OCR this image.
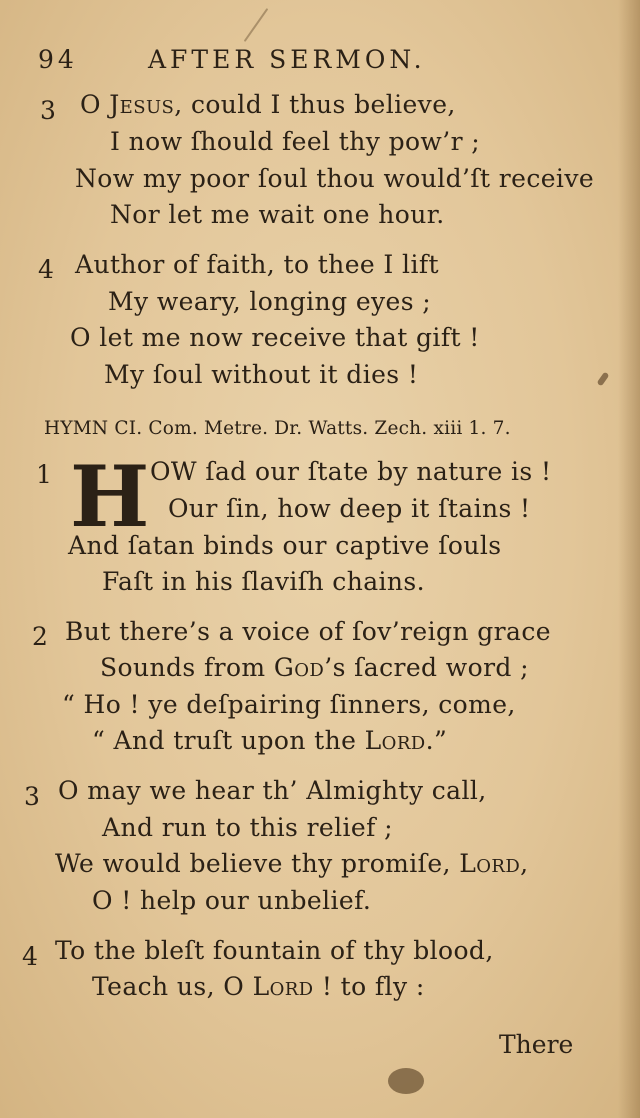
94	AFTER SERMON.
3 O Jesus, could I thus believe,
I now ſhould feel thy pow’r ;
Now my poor ſoul thou would’ſt receive
Nor let me wait one hour.
4 Author of faith, to thee I lift
My weary, longing eyes ;
O let me now receive that gift !
My ſoul without it dies !
HYMN CI. Com. Metre. Dr. Watts. Zech. xiii 1. 7.
1 H OW ſad our ſtate by nature is !
Our ſin, how deep it ſtains !
And ſatan binds our captive ſouls
Faſt in his ſlaviſh chains.
2 But there’s a voice of ſov’reign grace
Sounds from God’s ſacred word ;
“ Ho ! ye deſpairing ſinners, come,
“ And truſt upon the Lord.”
3 O may we hear th’ Almighty call,
And run to this relief ;
We would believe thy promiſe, Lord,
O ! help our unbelief.
4 To the bleſt fountain of thy blood,
Teach us, O Lord ! to fly :
There
